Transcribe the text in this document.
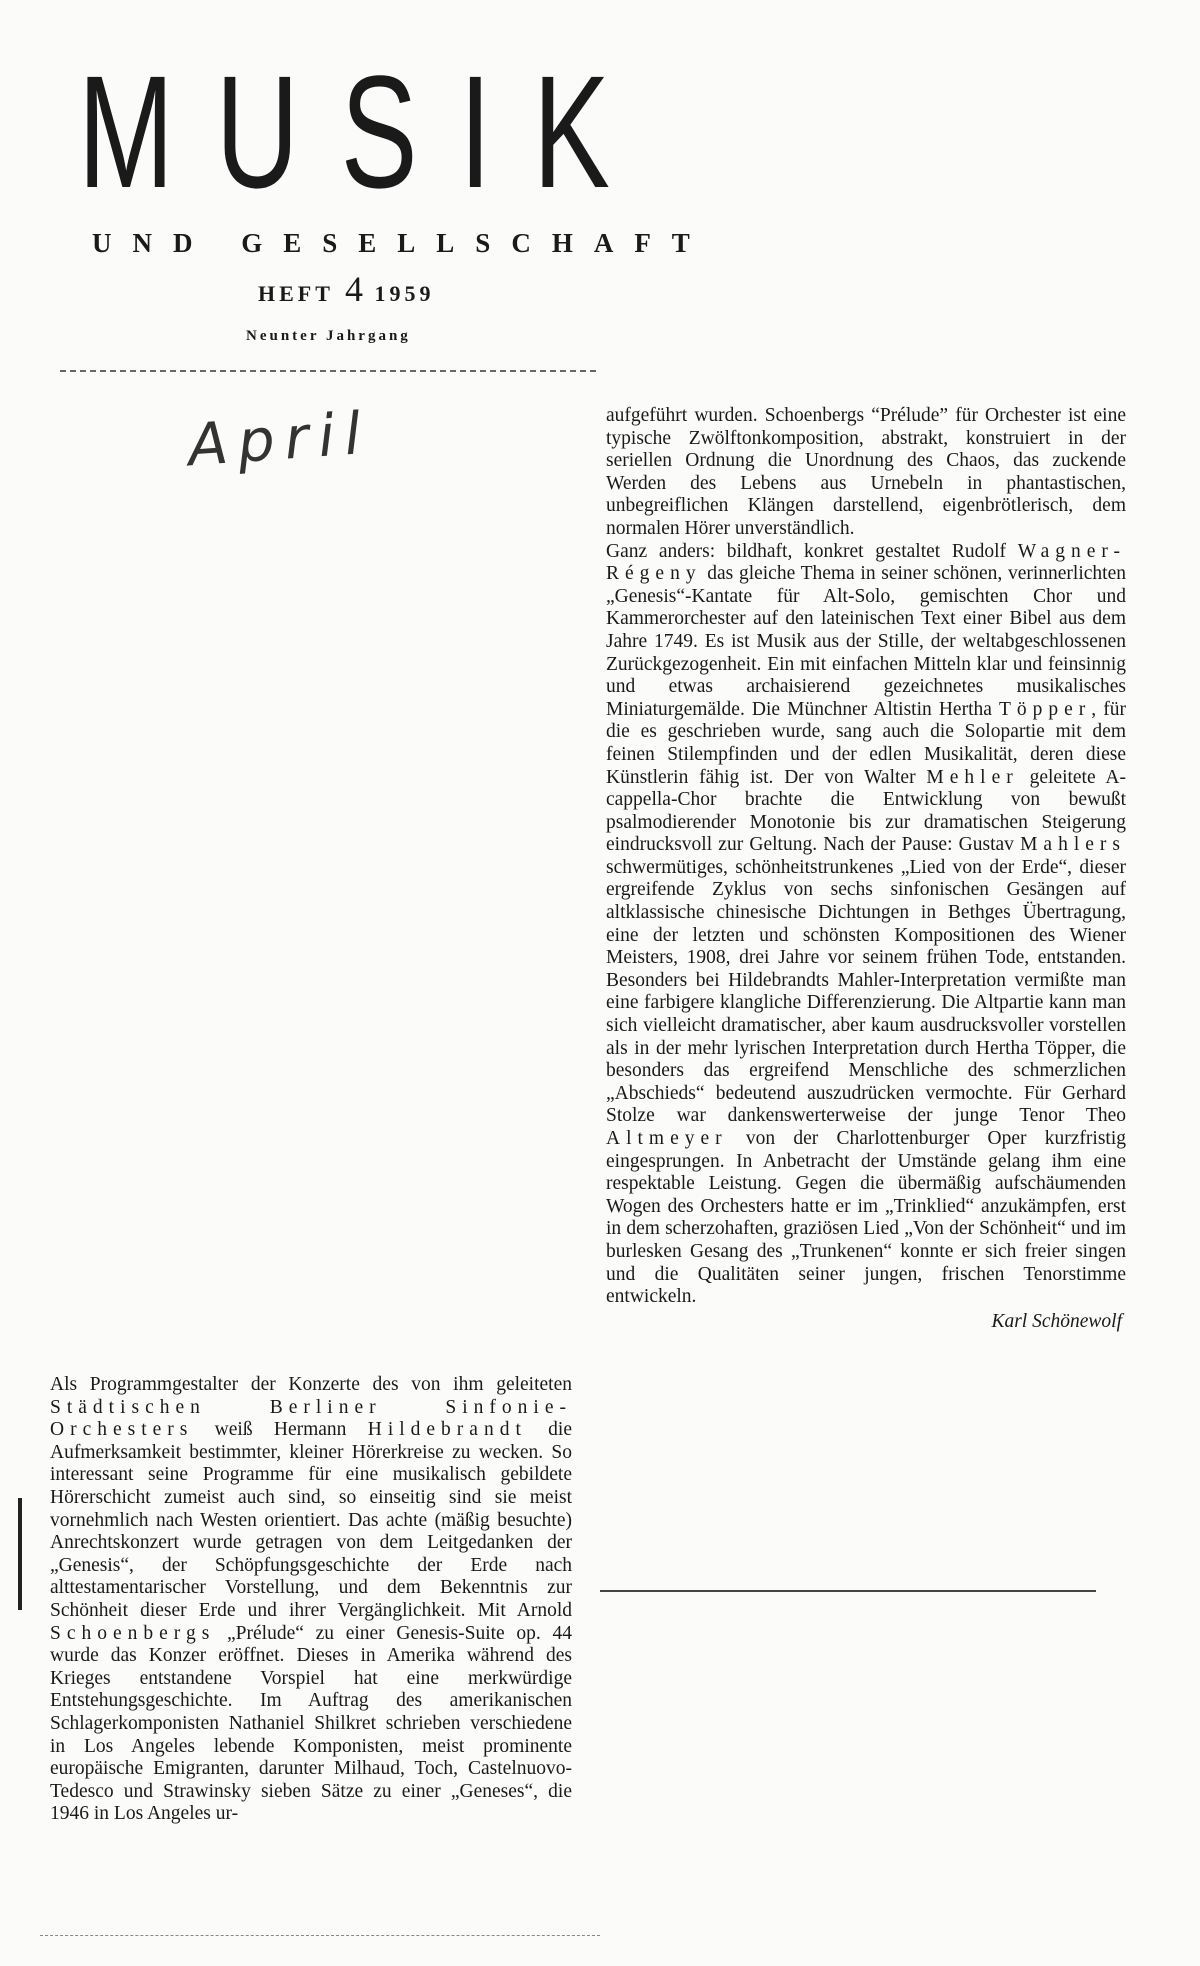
MUSIK
UND GESELLSCHAFT
HEFT 4 1959
Neunter Jahrgang
April

Als Programmgestalter der Konzerte des von ihm geleiteten Städtischen Berliner Sinfonie-Orchesters weiß Hermann Hildebrandt die Aufmerksamkeit bestimmter, kleiner Hörerkreise zu wecken. So interessant seine Programme für eine musikalisch gebildete Hörerschicht zumeist auch sind, so einseitig sind sie meist vornehmlich nach Westen orientiert. Das achte (mäßig besuchte) Anrechtskonzert wurde getragen von dem Leitgedanken der „Genesis“, der Schöpfungsgeschichte der Erde nach alttestamentarischer Vorstellung, und dem Bekenntnis zur Schönheit dieser Erde und ihrer Vergänglichkeit. Mit Arnold Schoenbergs „Prélude“ zu einer Genesis-Suite op. 44 wurde das Konzer eröffnet. Dieses in Amerika während des Krieges entstandene Vorspiel hat eine merkwürdige Entstehungsgeschichte. Im Auftrag des amerikanischen Schlagerkomponisten Nathaniel Shilkret schrieben verschiedene in Los Angeles lebende Komponisten, meist prominente europäische Emigranten, darunter Milhaud, Toch, Castelnuovo-Tedesco und Strawinsky sieben Sätze zu einer „Geneses“, die 1946 in Los Angeles ur-

aufgeführt wurden. Schoenbergs “Prélude” für Orchester ist eine typische Zwölftonkomposition, abstrakt, konstruiert in der seriellen Ordnung die Unordnung des Chaos, das zuckende Werden des Lebens aus Urnebeln in phantastischen, unbegreiflichen Klängen darstellend, eigenbrötlerisch, dem normalen Hörer unverständlich.

Ganz anders: bildhaft, konkret gestaltet Rudolf Wagner-Régeny das gleiche Thema in seiner schönen, verinnerlichten „Genesis“-Kantate für Alt-Solo, gemischten Chor und Kammerorchester auf den lateinischen Text einer Bibel aus dem Jahre 1749. Es ist Musik aus der Stille, der weltabgeschlossenen Zurückgezogenheit. Ein mit einfachen Mitteln klar und feinsinnig und etwas archaisierend gezeichnetes musikalisches Miniaturgemälde. Die Münchner Altistin Hertha Töpper, für die es geschrieben wurde, sang auch die Solopartie mit dem feinen Stilempfinden und der edlen Musikalität, deren diese Künstlerin fähig ist. Der von Walter Mehler geleitete A-cappella-Chor brachte die Entwicklung von bewußt psalmodierender Monotonie bis zur dramatischen Steigerung eindrucksvoll zur Geltung. Nach der Pause: Gustav Mahlers schwermütiges, schönheitstrunkenes „Lied von der Erde“, dieser ergreifende Zyklus von sechs sinfonischen Gesängen auf altklassische chinesische Dichtungen in Bethges Übertragung, eine der letzten und schönsten Kompositionen des Wiener Meisters, 1908, drei Jahre vor seinem frühen Tode, entstanden. Besonders bei Hildebrandts Mahler-Interpretation vermißte man eine farbigere klangliche Differenzierung. Die Altpartie kann man sich vielleicht dramatischer, aber kaum ausdrucksvoller vorstellen als in der mehr lyrischen Interpretation durch Hertha Töpper, die besonders das ergreifend Menschliche des schmerzlichen „Abschieds“ bedeutend auszudrücken vermochte. Für Gerhard Stolze war dankenswerterweise der junge Tenor Theo Altmeyer von der Charlottenburger Oper kurzfristig eingesprungen. In Anbetracht der Umstände gelang ihm eine respektable Leistung. Gegen die übermäßig aufschäumenden Wogen des Orchesters hatte er im „Trinklied“ anzukämpfen, erst in dem scherzohaften, graziösen Lied „Von der Schönheit“ und im burlesken Gesang des „Trunkenen“ konnte er sich freier singen und die Qualitäten seiner jungen, frischen Tenorstimme entwickeln.

Karl Schönewolf
